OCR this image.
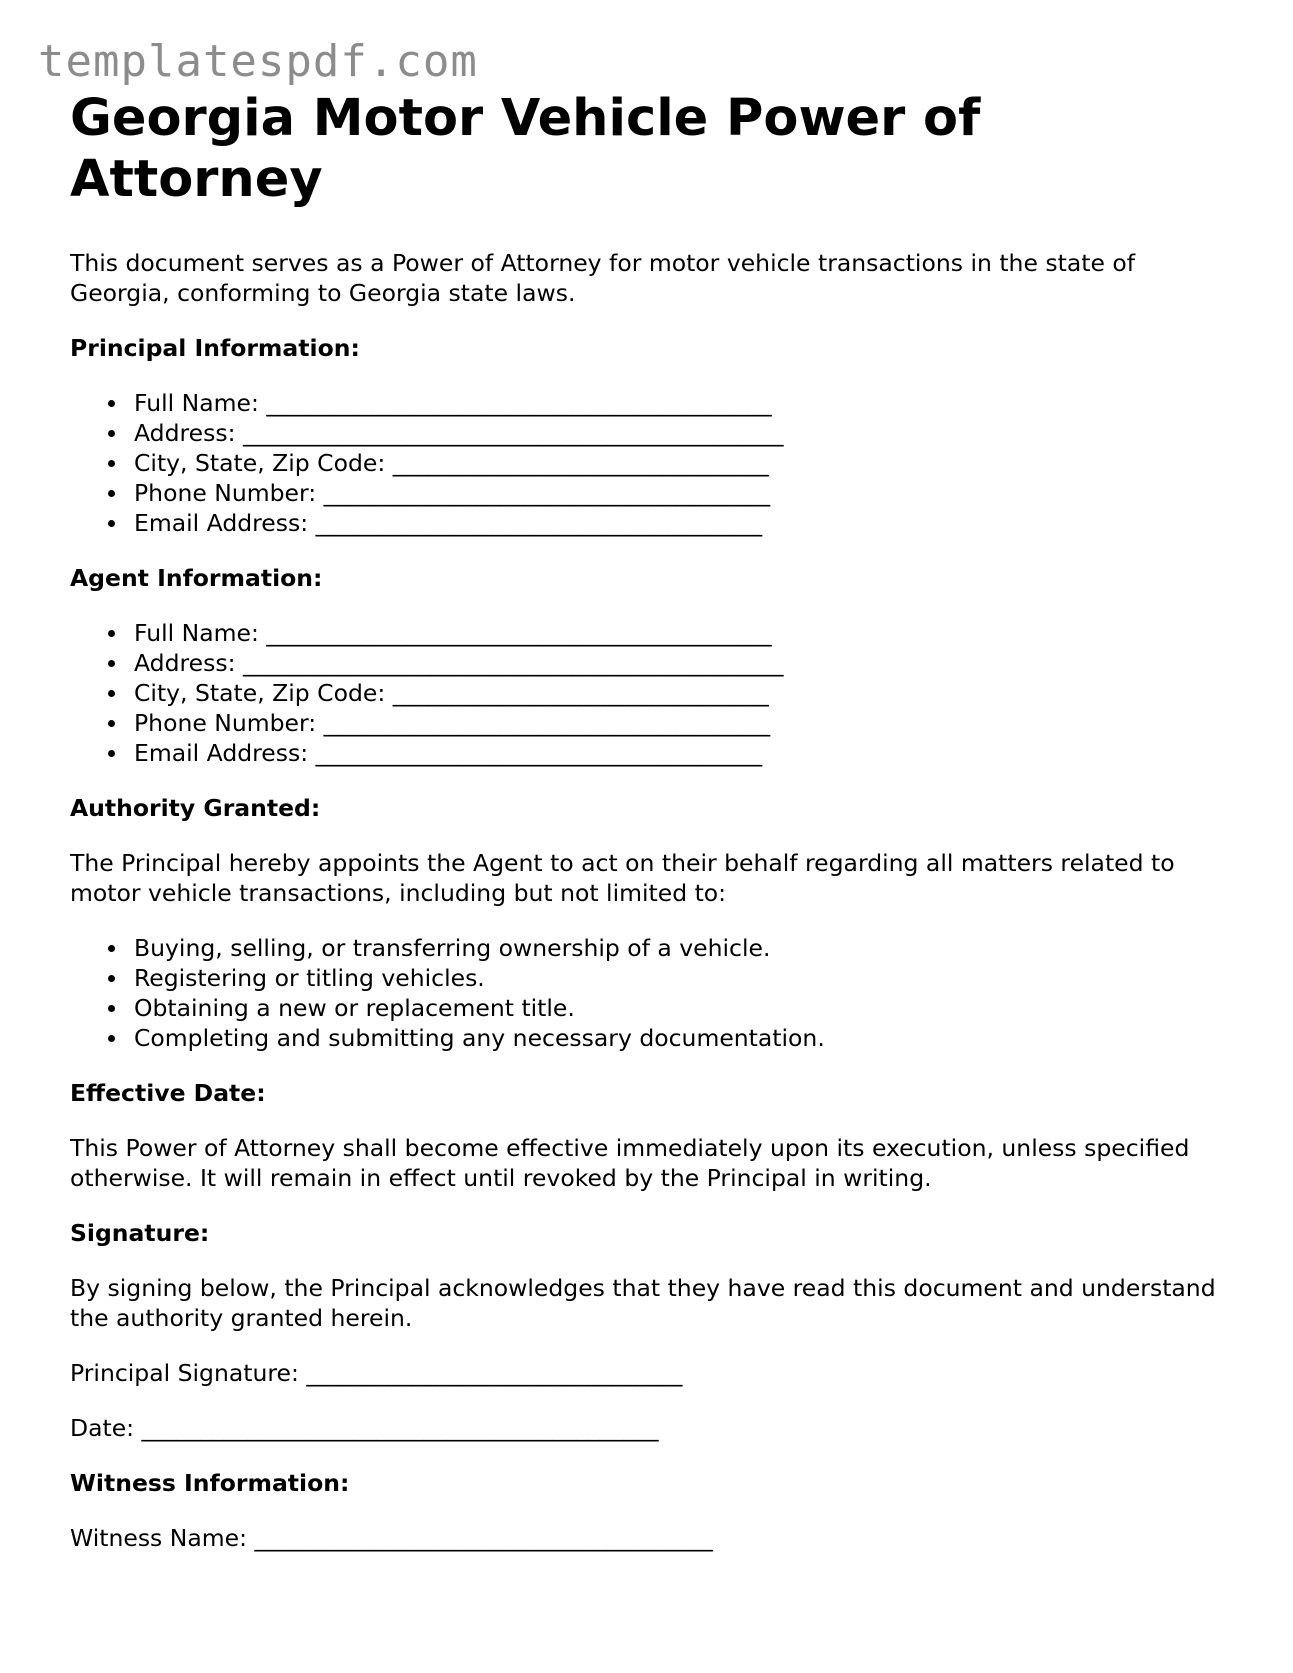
templatespdf.com
Georgia Motor Vehicle Power of Attorney

This document serves as a Power of Attorney for motor vehicle transactions in the state of Georgia, conforming to Georgia state laws.

Principal Information:

Full Name: ___________________________________________
Address: ______________________________________________
City, State, Zip Code: ________________________________
Phone Number: ______________________________________
Email Address: ______________________________________

Agent Information:

Full Name: ___________________________________________
Address: ______________________________________________
City, State, Zip Code: ________________________________
Phone Number: ______________________________________
Email Address: ______________________________________

Authority Granted:

The Principal hereby appoints the Agent to act on their behalf regarding all matters related to motor vehicle transactions, including but not limited to:

Buying, selling, or transferring ownership of a vehicle.
Registering or titling vehicles.
Obtaining a new or replacement title.
Completing and submitting any necessary documentation.

Effective Date:

This Power of Attorney shall become effective immediately upon its execution, unless specified otherwise. It will remain in effect until revoked by the Principal in writing.

Signature:

By signing below, the Principal acknowledges that they have read this document and understand the authority granted herein.

Principal Signature: ________________________________

Date: ____________________________________________

Witness Information:

Witness Name: _______________________________________
